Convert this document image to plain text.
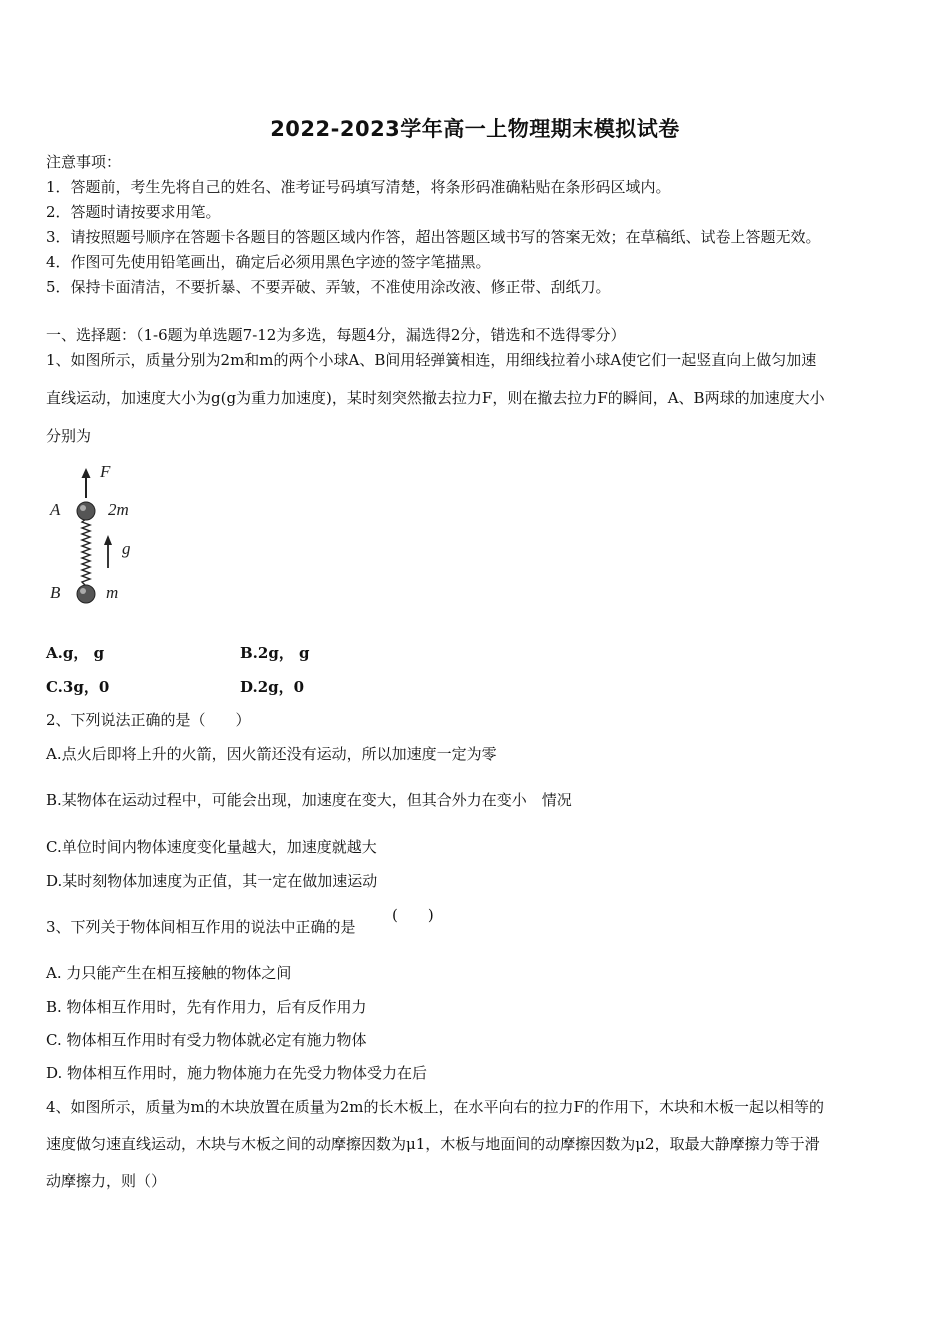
2022-2023学年高一上物理期末模拟试卷
注意事项：
1．答题前，考生先将自己的姓名、准考证号码填写清楚，将条形码准确粘贴在条形码区域内。
2．答题时请按要求用笔。
3．请按照题号顺序在答题卡各题目的答题区域内作答，超出答题区域书写的答案无效；在草稿纸、试卷上答题无效。
4．作图可先使用铅笔画出，确定后必须用黑色字迹的签字笔描黑。
5．保持卡面清洁，不要折暴、不要弄破、弄皱，不准使用涂改液、修正带、刮纸刀。
一、选择题：（1-6题为单选题7-12为多选，每题4分，漏选得2分，错选和不选得零分）
1、如图所示，质量分别为2m和m的两个小球A、B间用轻弹簧相连，用细线拉着小球A使它们一起竖直向上做匀加速
直线运动，加速度大小为g(g为重力加速度)，某时刻突然撤去拉力F，则在撤去拉力F的瞬间，A、B两球的加速度大小
分别为
F
A	2m
g
B	m
A.g， g	B.2g， g
C.3g，0	D.2g，0
2、下列说法正确的是（　　）
A.点火后即将上升的火箭，因火箭还没有运动，所以加速度一定为零
B.某物体在运动过程中，可能会出现，加速度在变大，但其合外力在变小　情况
C.单位时间内物体速度变化量越大，加速度就越大
D.某时刻物体加速度为正值，其一定在做加速运动
3、下列关于物体间相互作用的说法中正确的是
(　　)
A. 力只能产生在相互接触的物体之间
B. 物体相互作用时，先有作用力，后有反作用力
C. 物体相互作用时有受力物体就必定有施力物体
D. 物体相互作用时，施力物体施力在先受力物体受力在后
4、如图所示，质量为m的木块放置在质量为2m的长木板上，在水平向右的拉力F的作用下，木块和木板一起以相等的
速度做匀速直线运动，木块与木板之间的动摩擦因数为μ1，木板与地面间的动摩擦因数为μ2，取最大静摩擦力等于滑
动摩擦力，则（）
